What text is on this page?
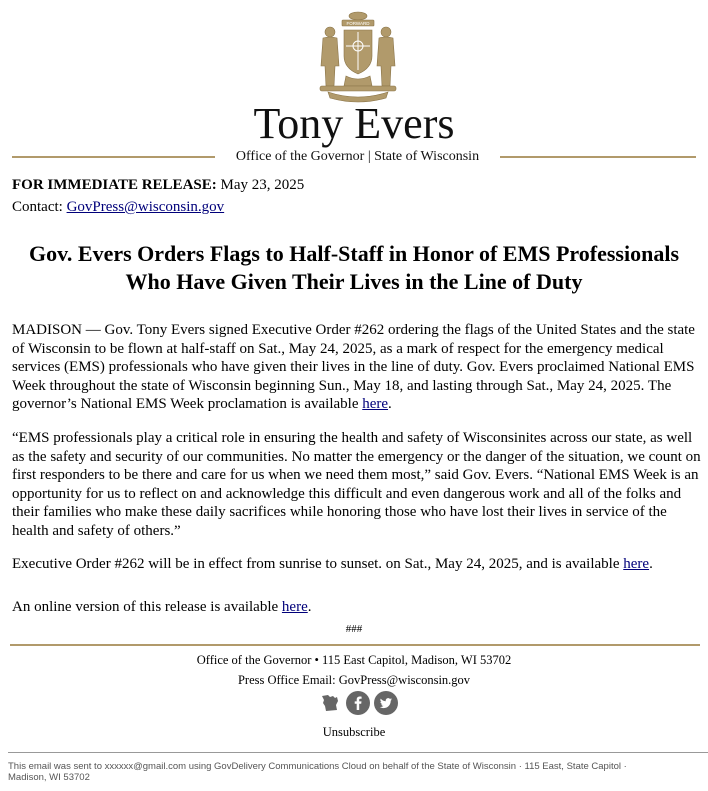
FORWARD
Tony Evers
Office of the Governor | State of Wisconsin
FOR IMMEDIATE RELEASE: May 23, 2025
Contact: GovPress@wisconsin.gov
Gov. Evers Orders Flags to Half-Staff in Honor of EMS Professionals Who Have Given Their Lives in the Line of Duty
MADISON — Gov. Tony Evers signed Executive Order #262 ordering the flags of the United States and the state of Wisconsin to be flown at half-staff on Sat., May 24, 2025, as a mark of respect for the emergency medical services (EMS) professionals who have given their lives in the line of duty. Gov. Evers proclaimed National EMS Week throughout the state of Wisconsin beginning Sun., May 18, and lasting through Sat., May 24, 2025. The governor’s National EMS Week proclamation is available here.
“EMS professionals play a critical role in ensuring the health and safety of Wisconsinites across our state, as well as the safety and security of our communities. No matter the emergency or the danger of the situation, we count on first responders to be there and care for us when we need them most,” said Gov. Evers. “National EMS Week is an opportunity for us to reflect on and acknowledge this difficult and even dangerous work and all of the folks and their families who make these daily sacrifices while honoring those who have lost their lives in service of the health and safety of others.”
Executive Order #262 will be in effect from sunrise to sunset. on Sat., May 24, 2025, and is available here.
An online version of this release is available here.
###
Office of the Governor • 115 East Capitol, Madison, WI 53702
Press Office Email: GovPress@wisconsin.gov
Unsubscribe
This email was sent to xxxxxx@gmail.com using GovDelivery Communications Cloud on behalf of the State of Wisconsin · 115 East, State Capitol · Madison, WI 53702
